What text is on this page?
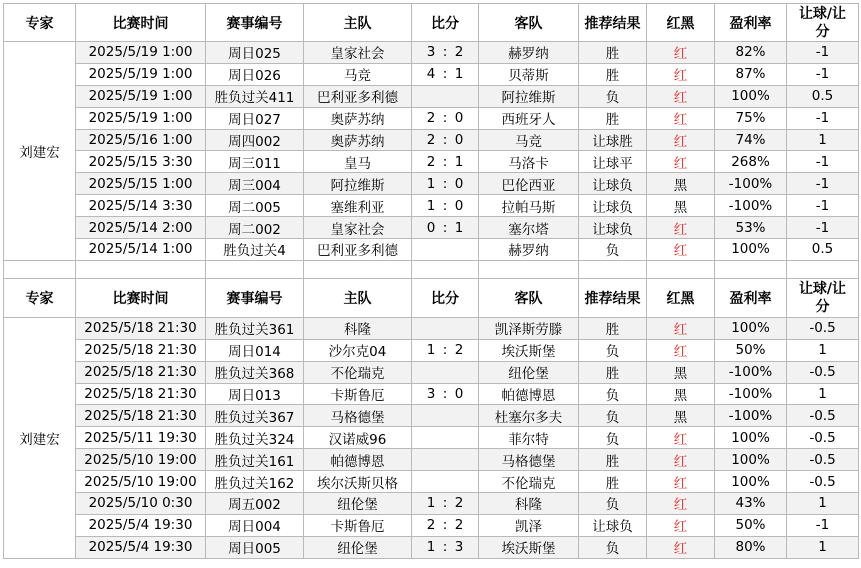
专家	比赛时间	赛事编号	主队	比分	客队	推荐结果	红黑	盈利率	让球/让
分
刘建宏	2025/5/19 1:00	周日025	皇家社会	3 : 2	赫罗纳	胜	红	82%	-1
	2025/5/19 1:00	周日026	马竞	4 : 1	贝蒂斯	胜	红	87%	-1
	2025/5/19 1:00	胜负过关411	巴利亚多利德		阿拉维斯	负	红	100%	0.5
	2025/5/19 1:00	周日027	奥萨苏纳	2 : 0	西班牙人	胜	红	75%	-1
	2025/5/16 1:00	周四002	奥萨苏纳	2 : 0	马竞	让球胜	红	74%	1
	2025/5/15 3:30	周三011	皇马	2 : 1	马洛卡	让球平	红	268%	-1
	2025/5/15 1:00	周三004	阿拉维斯	1 : 0	巴伦西亚	让球负	黑	-100%	-1
	2025/5/14 3:30	周二005	塞维利亚	1 : 0	拉帕马斯	让球负	黑	-100%	-1
	2025/5/14 2:00	周二002	皇家社会	0 : 1	塞尔塔	让球负	红	53%	-1
	2025/5/14 1:00	胜负过关4	巴利亚多利德		赫罗纳	负	红	100%	0.5

专家	比赛时间	赛事编号	主队	比分	客队	推荐结果	红黑	盈利率	让球/让
分
刘建宏	2025/5/18 21:30	胜负过关361	科隆		凯泽斯劳滕	胜	红	100%	-0.5
	2025/5/18 21:30	周日014	沙尔克04	1 : 2	埃沃斯堡	负	红	50%	1
	2025/5/18 21:30	胜负过关368	不伦瑞克		纽伦堡	胜	黑	-100%	-0.5
	2025/5/18 21:30	周日013	卡斯鲁厄	3 : 0	帕德博恩	负	黑	-100%	1
	2025/5/18 21:30	胜负过关367	马格德堡		杜塞尔多夫	负	黑	-100%	-0.5
	2025/5/11 19:30	胜负过关324	汉诺威96		菲尔特	负	红	100%	-0.5
	2025/5/10 19:00	胜负过关161	帕德博恩		马格德堡	胜	红	100%	-0.5
	2025/5/10 19:00	胜负过关162	埃尔沃斯贝格		不伦瑞克	胜	红	100%	-0.5
	2025/5/10 0:30	周五002	纽伦堡	1 : 2	科隆	负	红	43%	1
	2025/5/4 19:30	周日004	卡斯鲁厄	2 : 2	凯泽	让球负	红	50%	-1
	2025/5/4 19:30	周日005	纽伦堡	1 : 3	埃沃斯堡	负	红	80%	1
